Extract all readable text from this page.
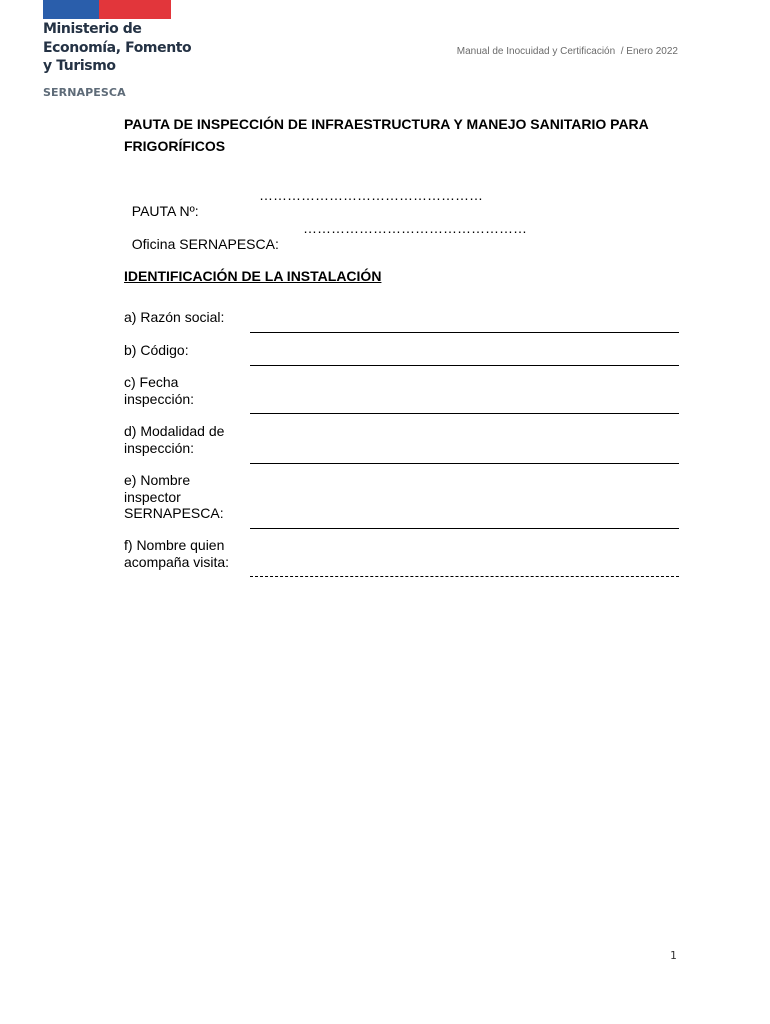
Ministerio de
Economía, Fomento
y Turismo
SERNAPESCA
Manual de Inocuidad y Certificación  / Enero 2022
PAUTA DE INSPECCIÓN DE INFRAESTRUCTURA Y MANEJO SANITARIO PARA FRIGORÍFICOS

PAUTA Nº:

…………………………………………

Oficina SERNAPESCA:

…………………………………………

IDENTIFICACIÓN DE LA INSTALACIÓN
a) Razón social:
b) Código:
c) Fecha inspección:
d) Modalidad de inspección:
e) Nombre inspector SERNAPESCA:
f) Nombre quien acompaña visita:
1
